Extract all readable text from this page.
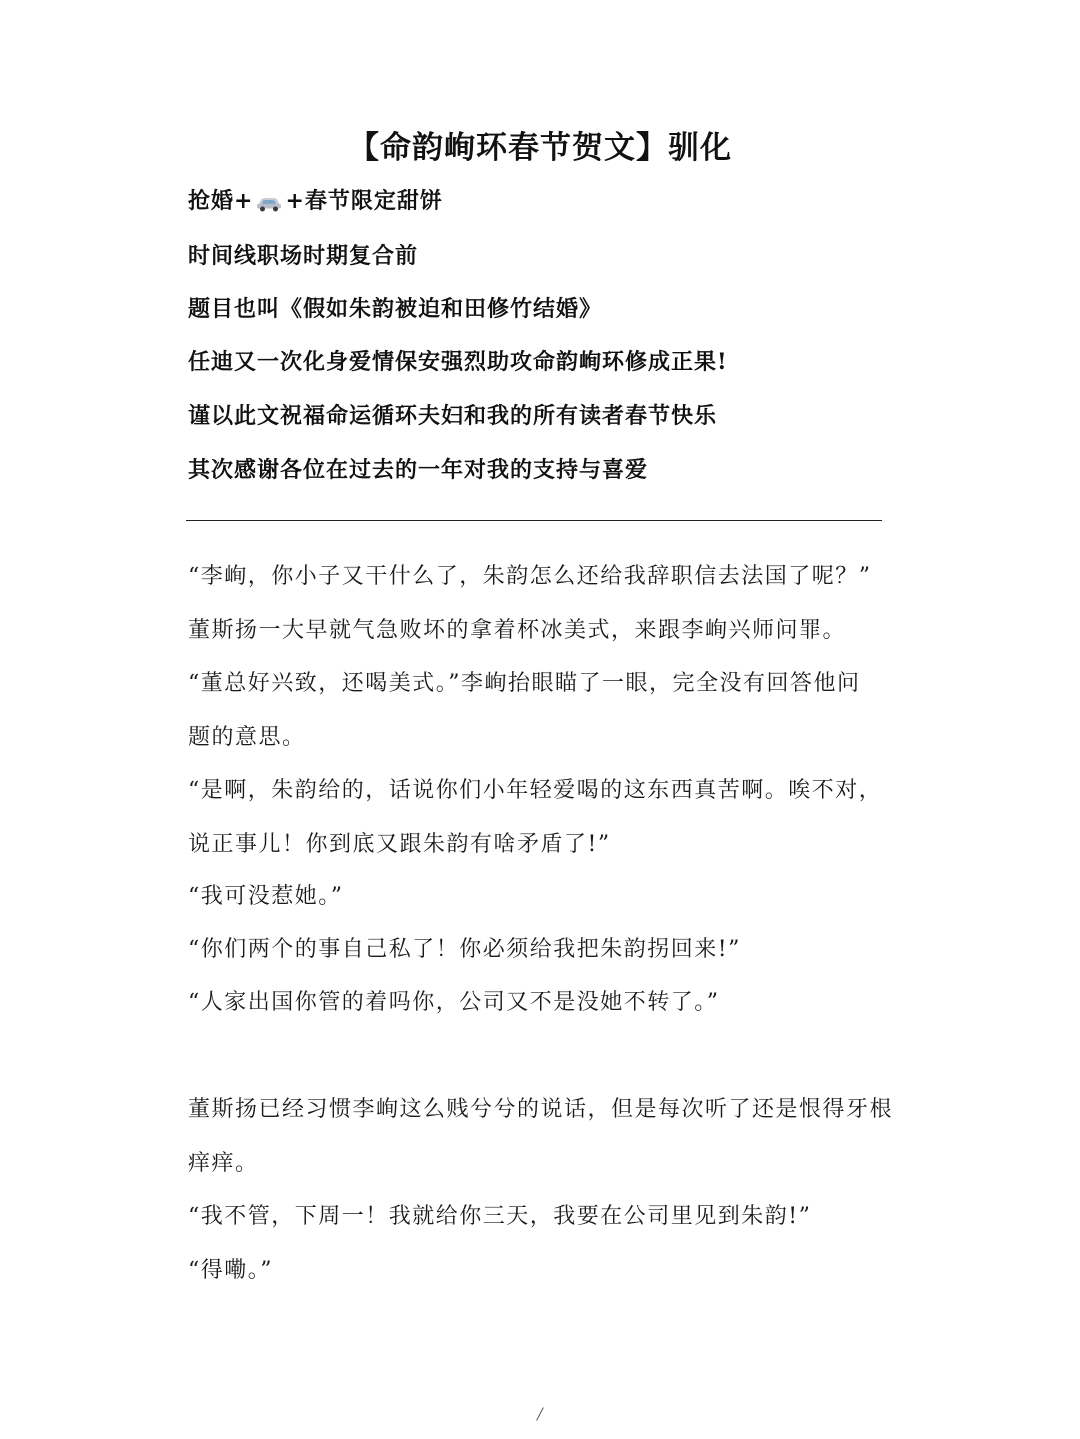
【命韵峋环春节贺文】驯化
抢婚+ +春节限定甜饼
时间线职场时期复合前
题目也叫《假如朱韵被迫和田修竹结婚》
任迪又一次化身爱情保安强烈助攻命韵峋环修成正果!
谨以此文祝福命运循环夫妇和我的所有读者春节快乐
其次感谢各位在过去的一年对我的支持与喜爱
“李峋，你小子又干什么了，朱韵怎么还给我辞职信去法国了呢？”
董斯扬一大早就气急败坏的拿着杯冰美式，来跟李峋兴师问罪。
“董总好兴致，还喝美式。”李峋抬眼瞄了一眼，完全没有回答他问
题的意思。
“是啊，朱韵给的，话说你们小年轻爱喝的这东西真苦啊。唉不对，
说正事儿！你到底又跟朱韵有啥矛盾了!”
“我可没惹她。”
“你们两个的事自己私了！你必须给我把朱韵拐回来!”
“人家出国你管的着吗你，公司又不是没她不转了。”
董斯扬已经习惯李峋这么贱兮兮的说话，但是每次听了还是恨得牙根
痒痒。
“我不管，下周一！我就给你三天，我要在公司里见到朱韵!”
“得嘞。”
/
